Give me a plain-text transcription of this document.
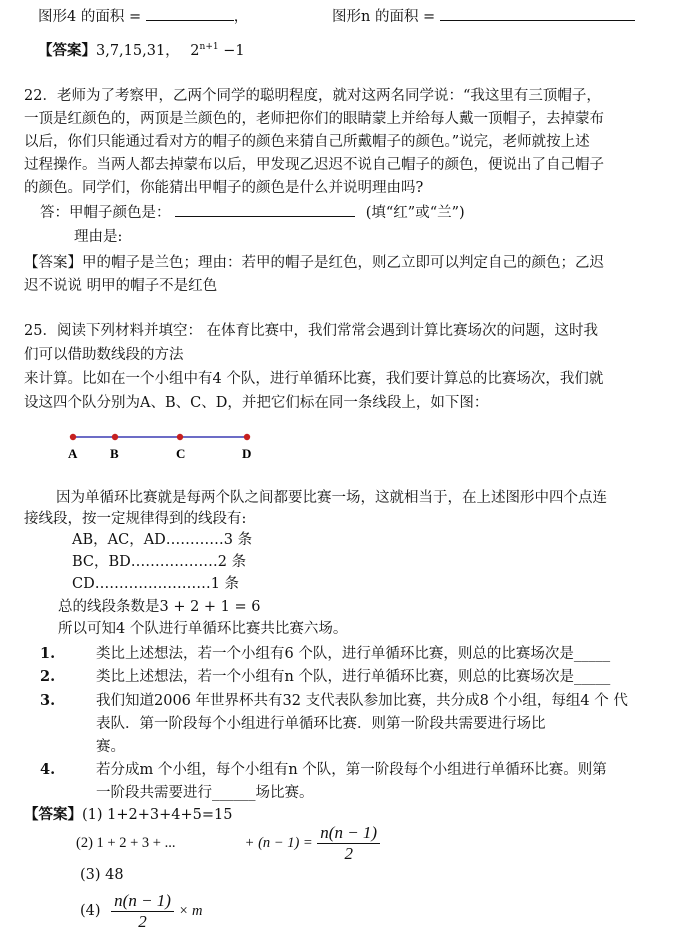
图形4 的面积 =	，	图形n 的面积 =
【答案】3,7,15,31， $2^{n+1} -1$
22．老师为了考察甲，乙两个同学的聪明程度，就对这两名同学说：“我这里有三顶帽子，
一顶是红颜色的，两顶是兰颜色的，老师把你们的眼睛蒙上并给每人戴一顶帽子，去掉蒙布
以后，你们只能通过看对方的帽子的颜色来猜自己所戴帽子的颜色。”说完，老师就按上述
过程操作。当两人都去掉蒙布以后，甲发现乙迟迟不说自己帽子的颜色，便说出了自己帽子
的颜色。同学们，你能猜出甲帽子的颜色是什么并说明理由吗?
答：甲帽子颜色是：	(填“红”或“兰”)
理由是:
【答案】甲的帽子是兰色；理由：若甲的帽子是红色，则乙立即可以判定自己的颜色；乙迟
迟不说说 明甲的帽子不是红色
25．阅读下列材料并填空： 在体育比赛中，我们常常会遇到计算比赛场次的问题，这时我
们可以借助数线段的方法
来计算。比如在一个小组中有4 个队，进行单循环比赛，我们要计算总的比赛场次，我们就
设这四个队分别为A、B、C、D，并把它们标在同一条线段上，如下图：
A	B	C	D
因为单循环比赛就是每两个队之间都要比赛一场，这就相当于，在上述图形中四个点连
接线段，按一定规律得到的线段有:
AB，AC，AD…………3 条
BC，BD………………2 条
CD……………………1 条
总的线段条数是3 + 2 + 1 = 6
所以可知4 个队进行单循环比赛共比赛六场。
1.	类比上述想法，若一个小组有6 个队，进行单循环比赛，则总的比赛场次是_____
2.	类比上述想法，若一个小组有n 个队，进行单循环比赛，则总的比赛场次是_____
3.	我们知道2006 年世界杯共有32 支代表队参加比赛，共分成8 个小组，每组4 个 代
表队．第一阶段每个小组进行单循环比赛．则第一阶段共需要进行场比
赛。
4.	若分成m 个小组，每个小组有n 个队，第一阶段每个小组进行单循环比赛。则第
一阶段共需要进行______场比赛。
【答案】(1) 1+2+3+4+5=15
(2) 1 + 2 + 3 + ...	+ $(n - 1) = \frac{n(n - 1)}{2}$
(3) 48
$(4) \frac{n(n - 1)}{2} \times m$
